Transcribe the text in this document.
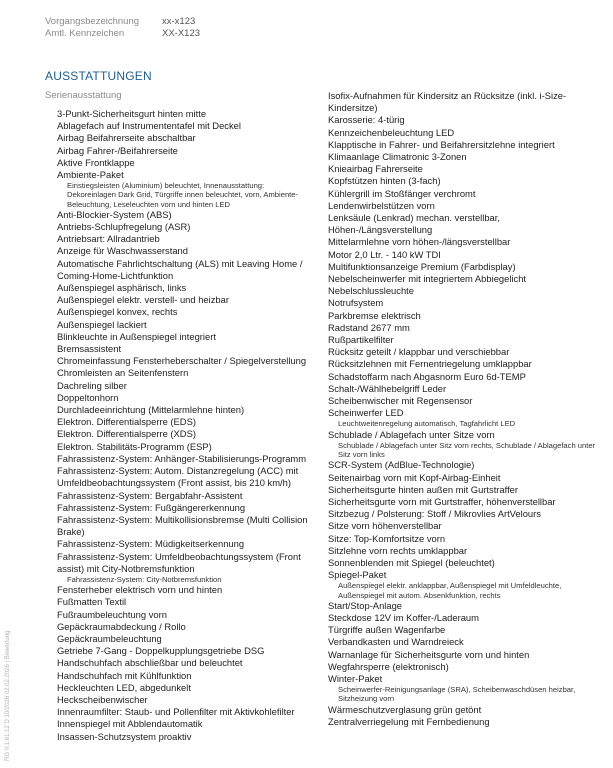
Vorgangsbezeichnung	xx-x123
Amtl. Kennzeichen	XX-X123
AUSSTATTUNGEN
Serienausstattung
3-Punkt-Sicherheitsgurt hinten mitte
Ablagefach auf Instrumententafel mit Deckel
Airbag Beifahrerseite abschaltbar
Airbag Fahrer-/Beifahrerseite
Aktive Frontklappe
Ambiente-Paket
Einstiegsleisten (Aluminium) beleuchtet, Innenausstattung: Dekoreinlagen Dark Grid, Türgriffe innen beleuchtet, vorn, Ambiente-Beleuchtung, Leseleuchten vorn und hinten LED
Anti-Blockier-System (ABS)
Antriebs-Schlupfregelung (ASR)
Antriebsart: Allradantrieb
Anzeige für Waschwasserstand
Automatische Fahrlichtschaltung (ALS) mit Leaving Home / Coming-Home-Lichtfunktion
Außenspiegel asphärisch, links
Außenspiegel elektr. verstell- und heizbar
Außenspiegel konvex, rechts
Außenspiegel lackiert
Blinkleuchte in Außenspiegel integriert
Bremsassistent
Chromeinfassung Fensterheberschalter / Spiegelverstellung
Chromleisten an Seitenfenstern
Dachreling silber
Doppeltonhorn
Durchladeeinrichtung (Mittelarmlehne hinten)
Elektron. Differentialsperre (EDS)
Elektron. Differentialsperre (XDS)
Elektron. Stabilitäts-Programm (ESP)
Fahrassistenz-System: Anhänger-Stabilisierungs-Programm
Fahrassistenz-System: Autom. Distanzregelung (ACC) mit Umfeldbeobachtungssystem (Front assist, bis 210 km/h)
Fahrassistenz-System: Bergabfahr-Assistent
Fahrassistenz-System: Fußgängererkennung
Fahrassistenz-System: Multikollisionsbremse (Multi Collision Brake)
Fahrassistenz-System: Müdigkeitserkennung
Fahrassistenz-System: Umfeldbeobachtungssystem (Front assist) mit City-Notbremsfunktion
Fahrassistenz-System: City-Notbremsfunktion
Fensterheber elektrisch vorn und hinten
Fußmatten Textil
Fußraumbeleuchtung vorn
Gepäckraumabdeckung / Rollo
Gepäckraumbeleuchtung
Getriebe 7-Gang - Doppelkupplungsgetriebe DSG
Handschuhfach abschließbar und beleuchtet
Handschuhfach mit Kühlfunktion
Heckleuchten LED, abgedunkelt
Heckscheibenwischer
Innenraumfilter: Staub- und Pollenfilter mit Aktivkohlefilter
Innenspiegel mit Abblendautomatik
Insassen-Schutzsystem proaktiv
Isofix-Aufnahmen für Kindersitz an Rücksitze (inkl. i-Size-Kindersitze)
Karosserie: 4-türig
Kennzeichenbeleuchtung LED
Klapptische in Fahrer- und Beifahrersitzlehne integriert
Klimaanlage Climatronic 3-Zonen
Knieairbag Fahrerseite
Kopfstützen hinten (3-fach)
Kühlergrill im Stoßfänger verchromt
Lendenwirbelstützen vorn
Lenksäule (Lenkrad) mechan. verstellbar, Höhen-/Längsverstellung
Mittelarmlehne vorn höhen-/längsverstellbar
Motor 2,0 Ltr. - 140 kW TDI
Multifunktionsanzeige Premium (Farbdisplay)
Nebelscheinwerfer mit integriertem Abbiegelicht
Nebelschlussleuchte
Notrufsystem
Parkbremse elektrisch
Radstand 2677 mm
Rußpartikelfilter
Rücksitz geteilt / klappbar und verschiebbar
Rücksitzlehnen mit Fernentriegelung umklappbar
Schadstoffarm nach Abgasnorm Euro 6d-TEMP
Schalt-/Wählhebelgriff Leder
Scheibenwischer mit Regensensor
Scheinwerfer LED
Leuchtweitenregelung automatisch, Tagfahrlicht LED
Schublade / Ablagefach unter Sitze vorn
Schublade / Ablagefach unter Sitz vorn rechts, Schublade / Ablagefach unter Sitz vorn links
SCR-System (AdBlue-Technologie)
Seitenairbag vorn mit Kopf-Airbag-Einheit
Sicherheitsgurte hinten außen mit Gurtstraffer
Sicherheitsgurte vorn mit Gurtstraffer, höhenverstellbar
Sitzbezug / Polsterung: Stoff / Mikrovlies ArtVelours
Sitze vorn höhenverstellbar
Sitze: Top-Komfortsitze vorn
Sitzlehne vorn rechts umklappbar
Sonnenblenden mit Spiegel (beleuchtet)
Spiegel-Paket
Außenspiegel elektr. anklappbar, Außenspiegel mit Umfeldleuchte, Außenspiegel mit autom. Absenkfunktion, rechts
Start/Stop-Anlage
Steckdose 12V im Koffer-/Laderaum
Türgriffe außen Wagenfarbe
Verbandkasten und Warndreieck
Warnanlage für Sicherheitsgurte vorn und hinten
Wegfahrsperre (elektronisch)
Winter-Paket
Scheinwerfer-Reinigungsanlage (SRA), Scheibenwaschdüsen heizbar, Sitzheizung vorn
Wärmeschutzverglasung grün getönt
Zentralverriegelung mit Fernbedienung
RG V.1.61.12 D 10/2026 02.02.2026 | Bewertung
